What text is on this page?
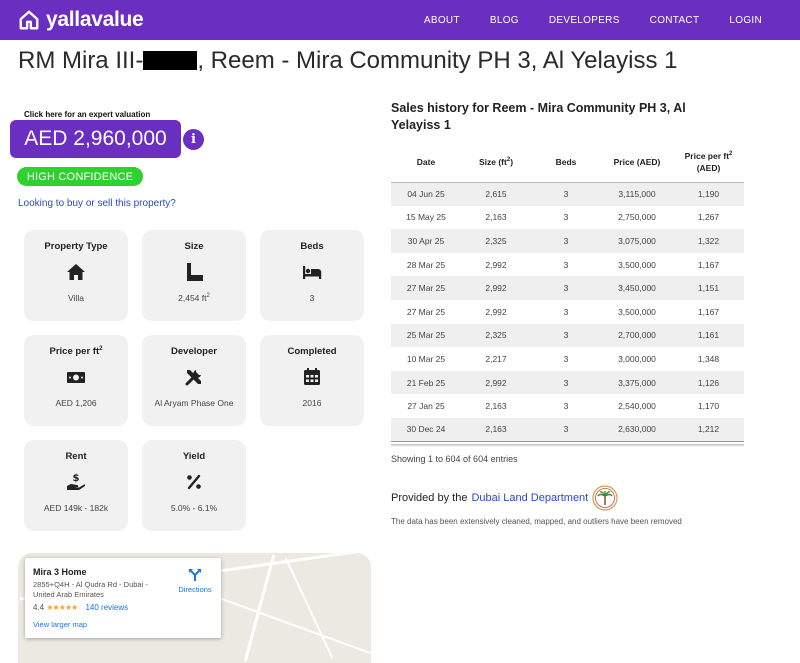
yallavalue	ABOUT	BLOG	DEVELOPERS	CONTACT	LOGIN
RM Mira III- , Reem - Mira Community PH 3, Al Yelayiss 1
Click here for an expert valuation
AED 2,960,000	i
HIGH CONFIDENCE
Looking to buy or sell this property?
Property Type
Villa
Size
2,454 $ft^2$
Beds
3
Price per $ft^2$
AED 1,206
Developer
Al Aryam Phase One
Completed
2016
Rent
$
AED 149k - 182k
Yield
5.0% - 6.1%
Mira 3 Home
2855+Q4H - Al Qudra Rd - Dubai - United Arab Emirates
4.4 ★★★★★ 140 reviews
View larger map
Directions
Sales history for Reem - Mira Community PH 3, Al Yelayiss 1
Date	Size $(ft^2)$	Beds	Price (AED)	Price per $ft^2$
(AED)
04 Jun 25	2,615	3	3,115,000	1,190
15 May 25	2,163	3	2,750,000	1,267
30 Apr 25	2,325	3	3,075,000	1,322
28 Mar 25	2,992	3	3,500,000	1,167
27 Mar 25	2,992	3	3,450,000	1,151
27 Mar 25	2,992	3	3,500,000	1,167
25 Mar 25	2,325	3	2,700,000	1,161
10 Mar 25	2,217	3	3,000,000	1,348
21 Feb 25	2,992	3	3,375,000	1,126
27 Jan 25	2,163	3	2,540,000	1,170
30 Dec 24	2,163	3	2,630,000	1,212
Showing 1 to 604 of 604 entries
Provided by the Dubai Land Department
The data has been extensively cleaned, mapped, and outliers have been removed
